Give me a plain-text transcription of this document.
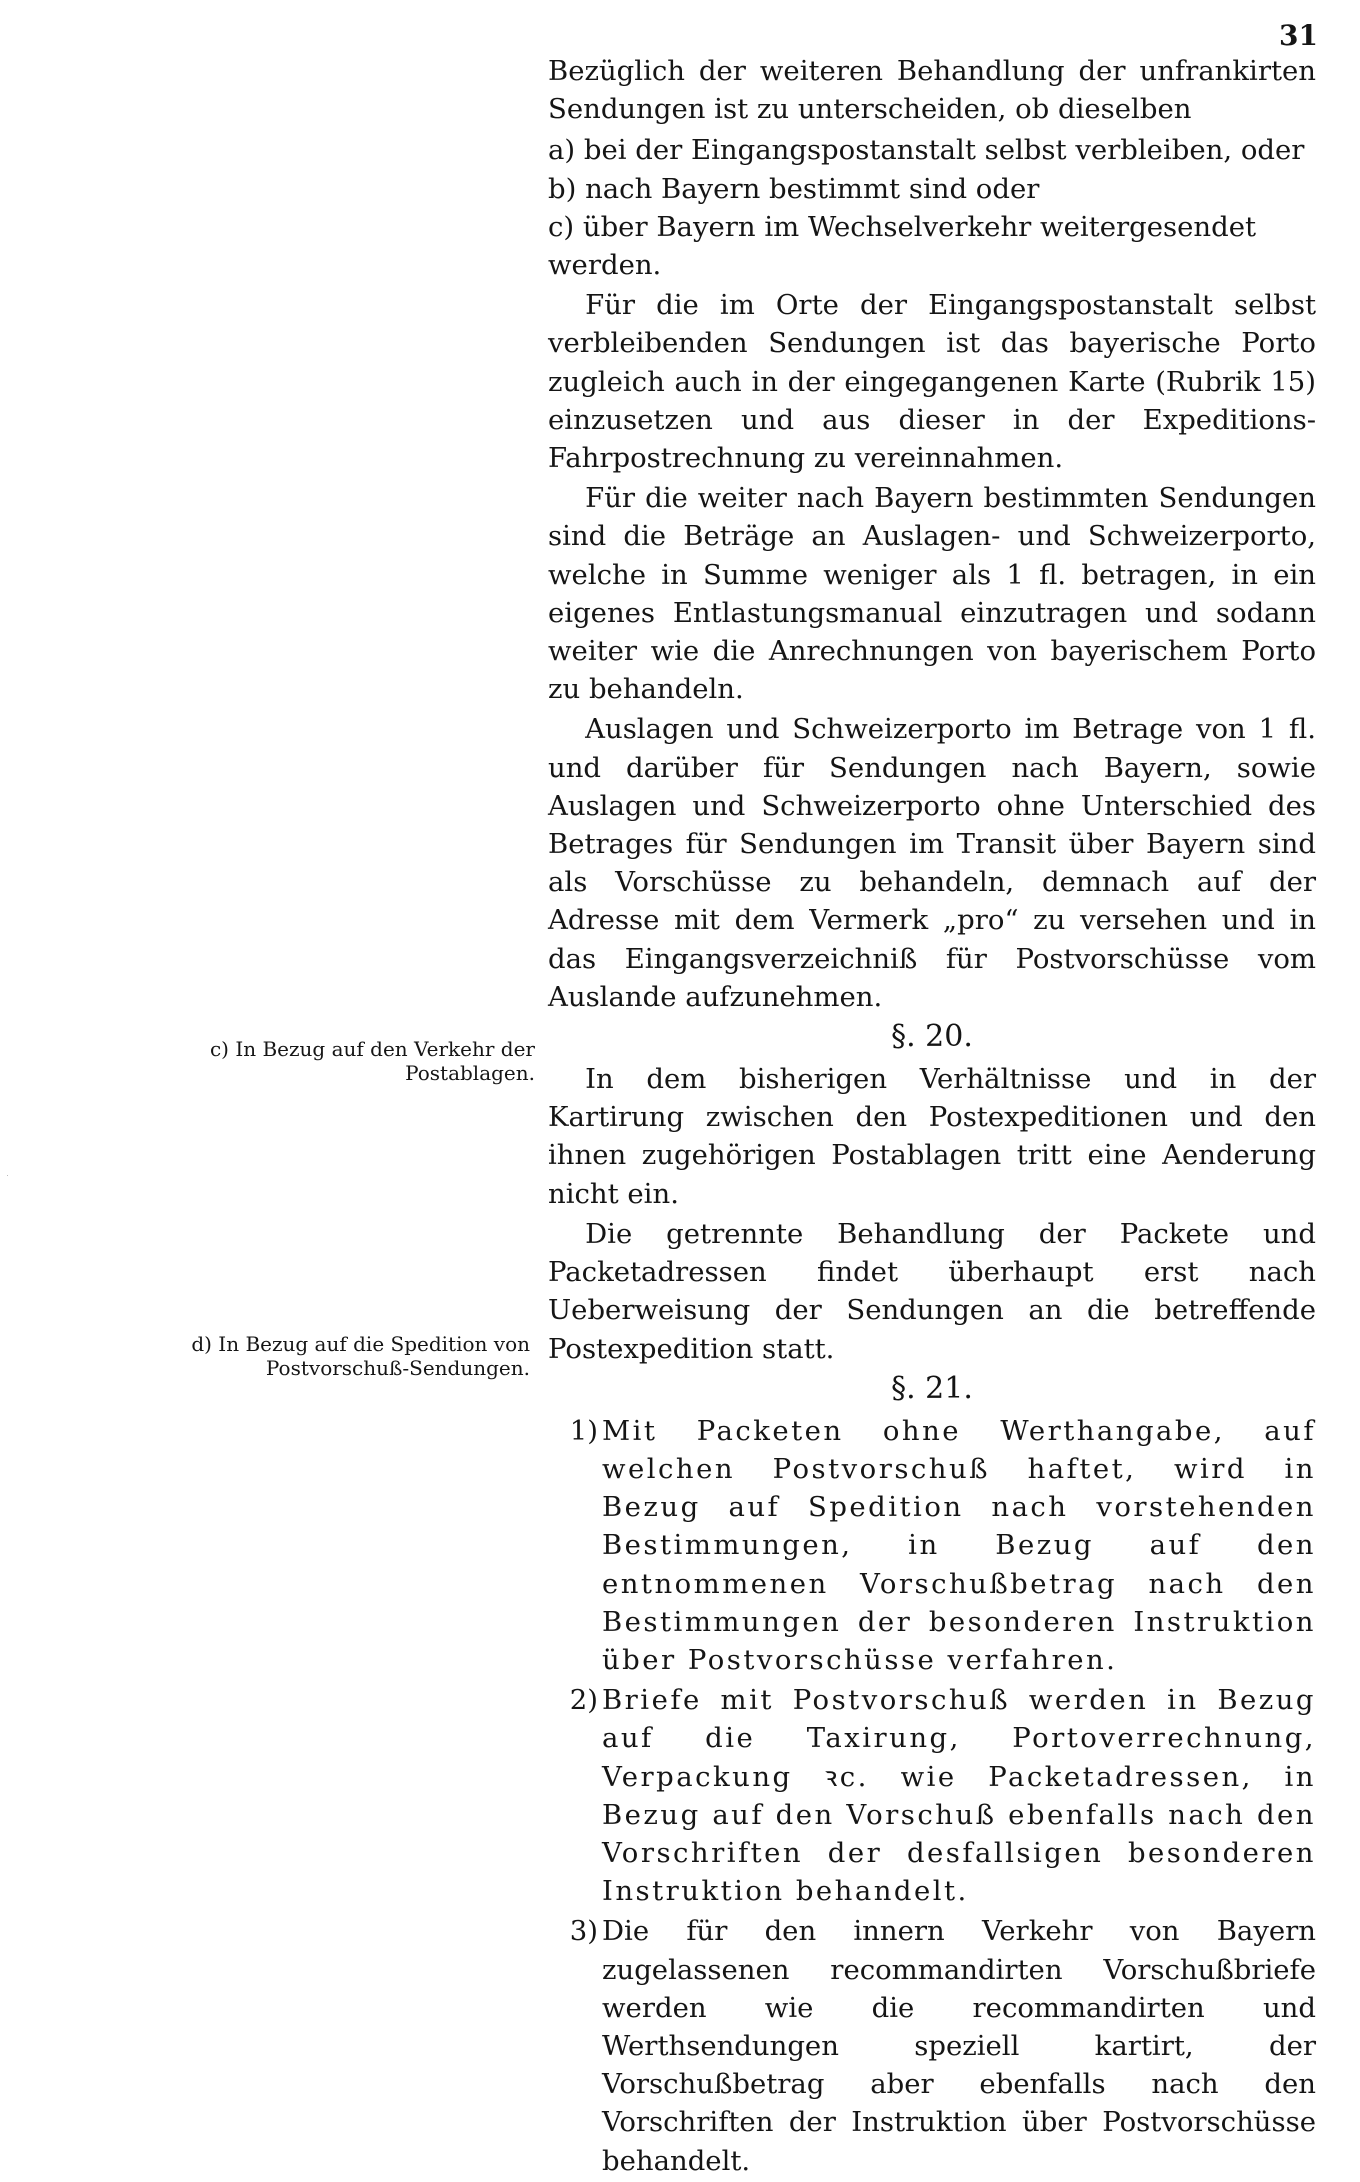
31

Bezüglich der weiteren Behandlung der unfrankirten Sendungen ist zu unterscheiden, ob dieselben

a) bei der Eingangspostanstalt selbst verbleiben, oder
b) nach Bayern bestimmt sind oder
c) über Bayern im Wechselverkehr weitergesendet werden.

Für die im Orte der Eingangspostanstalt selbst verbleibenden Sendungen ist das bayerische Porto zugleich auch in der eingegangenen Karte (Rubrik 15) einzusetzen und aus dieser in der Expeditions-Fahrpostrechnung zu vereinnahmen.

Für die weiter nach Bayern bestimmten Sendungen sind die Beträge an Auslagen- und Schweizerporto, welche in Summe weniger als 1 fl. betragen, in ein eigenes Entlastungsmanual einzutragen und sodann weiter wie die Anrechnungen von bayerischem Porto zu behandeln.

Auslagen und Schweizerporto im Betrage von 1 fl. und darüber für Sendungen nach Bayern, sowie Auslagen und Schweizerporto ohne Unterschied des Betrages für Sendungen im Transit über Bayern sind als Vorschüsse zu behandeln, demnach auf der Adresse mit dem Vermerk „pro“ zu versehen und in das Eingangsverzeichniß für Postvorschüsse vom Auslande aufzunehmen.

§. 20.

In dem bisherigen Verhältnisse und in der Kartirung zwischen den Postexpeditionen und den ihnen zugehörigen Postablagen tritt eine Aenderung nicht ein.

Die getrennte Behandlung der Packete und Packetadressen findet überhaupt erst nach Ueberweisung der Sendungen an die betreffende Postexpedition statt.

§. 21.
1) Mit Packeten ohne Werthangabe, auf welchen Postvorschuß haftet, wird in Bezug auf Spedition nach vorstehenden Bestimmungen, in Bezug auf den entnommenen Vorschußbetrag nach den Bestimmungen der besonderen Instruktion über Postvorschüsse verfahren.
2) Briefe mit Postvorschuß werden in Bezug auf die Taxirung, Portoverrechnung, Verpackung ꝛc. wie Packetadressen, in Bezug auf den Vorschuß ebenfalls nach den Vorschriften der desfallsigen besonderen Instruktion behandelt.
3) Die für den innern Verkehr von Bayern zugelassenen recommandirten Vorschußbriefe werden wie die recommandirten und Werthsendungen speziell kartirt, der Vorschußbetrag aber ebenfalls nach den Vorschriften der Instruktion über Postvorschüsse behandelt.
c) In Bezug auf den Verkehr der Postablagen.
d) In Bezug auf die Spedition von Postvorschuß-Sendungen.
